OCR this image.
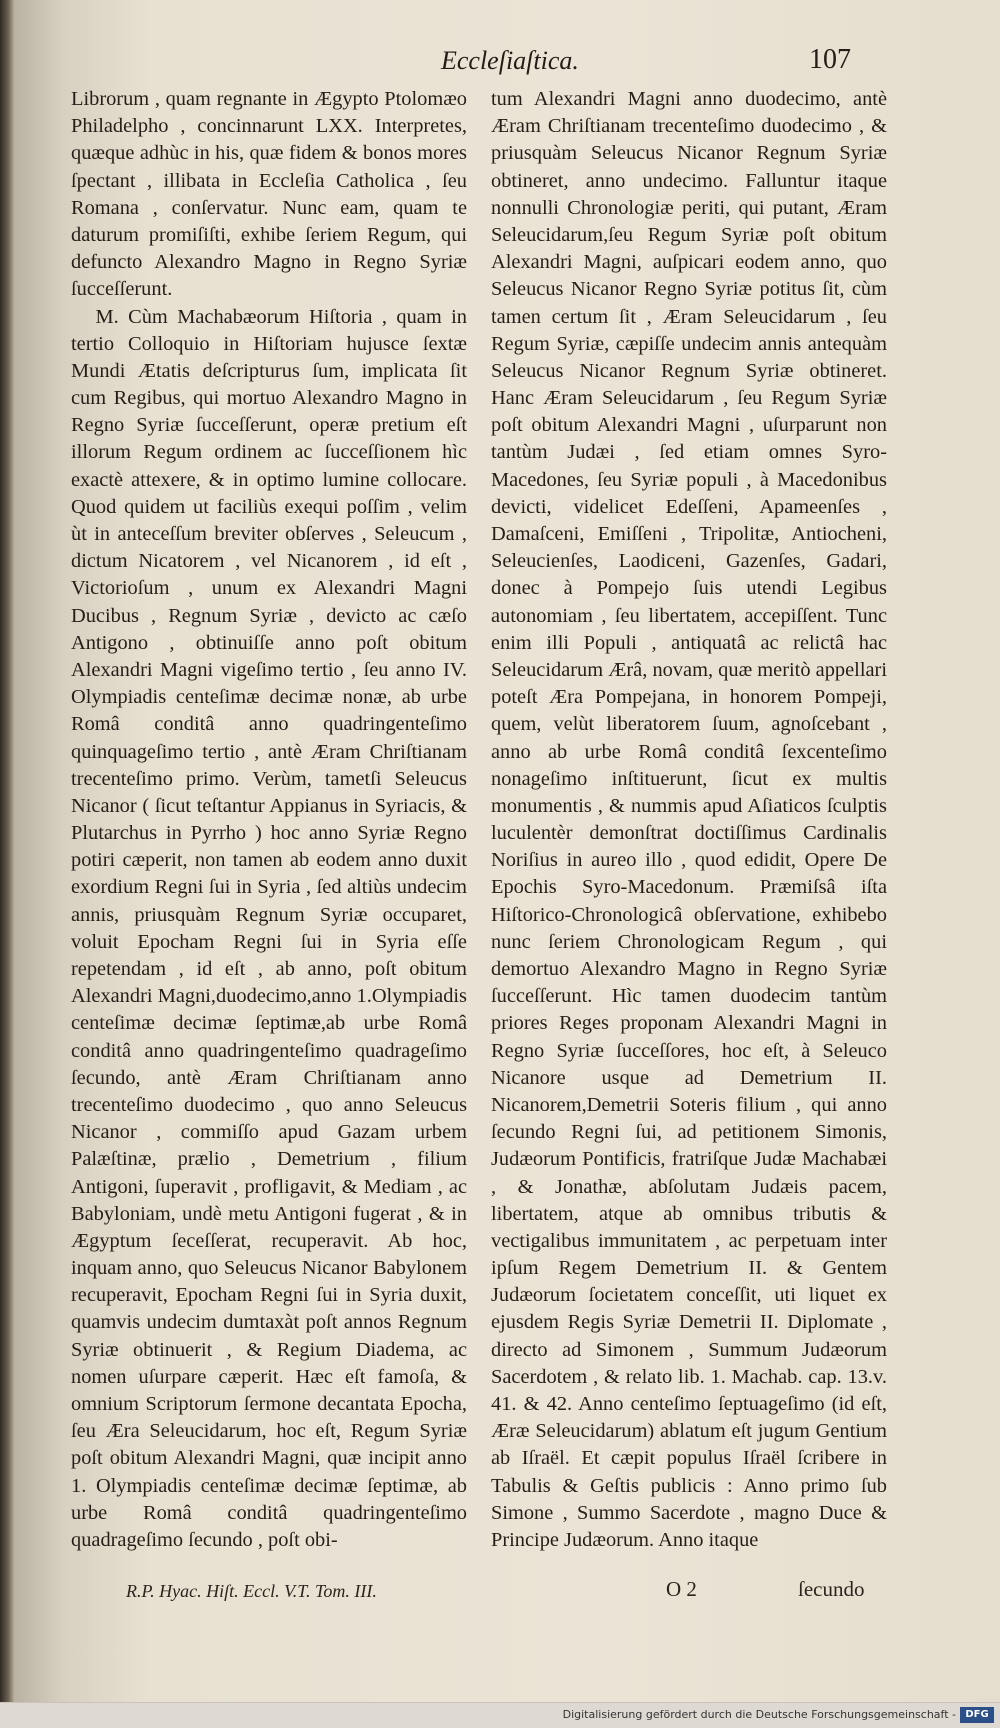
Eccleſiaſtica.	107

Librorum , quam regnante in Ægypto Ptolomæo Philadelpho , concinnarunt LXX. Interpretes, quæque adhùc in his, quæ fidem & bonos mores ſpectant , illibata in Eccleſia Catholica , ſeu Romana , conſervatur. Nunc eam, quam te daturum promiſiſti, exhibe ſeriem Regum, qui defuncto Alexandro Magno in Regno Syriæ ſucceſſerunt.

M. Cùm Machabæorum Hiſtoria , quam in tertio Colloquio in Hiſtoriam hujusce ſextæ Mundi Ætatis deſcripturus ſum, implicata ſit cum Regibus, qui mortuo Alexandro Magno in Regno Syriæ ſucceſſerunt, operæ pretium eſt illorum Regum ordinem ac ſucceſſionem hìc exactè attexere, & in optimo lumine collocare. Quod quidem ut faciliùs exequi poſſim , velim ùt in anteceſſum breviter obſerves , Seleucum , dictum Nicatorem , vel Nicanorem , id eſt , Victorioſum , unum ex Alexandri Magni Ducibus , Regnum Syriæ , devicto ac cæſo Antigono , obtinuiſſe anno poſt obitum Alexandri Magni vigeſimo tertio , ſeu anno IV. Olympiadis centeſimæ decimæ nonæ, ab urbe Româ conditâ anno quadringenteſimo quinquageſimo tertio , antè Æram Chriſtianam trecenteſimo primo. Verùm, tametſi Seleucus Nicanor ( ſicut teſtantur Appianus in Syriacis, & Plutarchus in Pyrrho ) hoc anno Syriæ Regno potiri cæperit, non tamen ab eodem anno duxit exordium Regni ſui in Syria , ſed altiùs undecim annis, priusquàm Regnum Syriæ occuparet, voluit Epocham Regni ſui in Syria eſſe repetendam , id eſt , ab anno, poſt obitum Alexandri Magni,duodecimo,anno 1.Olympiadis centeſimæ decimæ ſeptimæ,ab urbe Româ conditâ anno quadringenteſimo quadrageſimo ſecundo, antè Æram Chriſtianam anno trecenteſimo duodecimo , quo anno Seleucus Nicanor , commiſſo apud Gazam urbem Palæſtinæ, prælio , Demetrium , filium Antigoni, ſuperavit , profligavit, & Mediam , ac Babyloniam, undè metu Antigoni fugerat , & in Ægyptum ſeceſſerat, recuperavit. Ab hoc, inquam anno, quo Seleucus Nicanor Babylonem recuperavit, Epocham Regni ſui in Syria duxit, quamvis undecim dumtaxàt poſt annos Regnum Syriæ obtinuerit , & Regium Diadema, ac nomen uſurpare cæperit. Hæc eſt famoſa, & omnium Scriptorum ſermone decantata Epocha, ſeu Æra Seleucidarum, hoc eſt, Regum Syriæ poſt obitum Alexandri Magni, quæ incipit anno 1. Olympiadis centeſimæ decimæ ſeptimæ, ab urbe Româ conditâ quadringenteſimo quadrageſimo ſecundo , poſt obi-

tum Alexandri Magni anno duodecimo, antè Æram Chriſtianam trecenteſimo duodecimo , & priusquàm Seleucus Nicanor Regnum Syriæ obtineret, anno undecimo. Falluntur itaque nonnulli Chronologiæ periti, qui putant, Æram Seleucidarum,ſeu Regum Syriæ poſt obitum Alexandri Magni, auſpicari eodem anno, quo Seleucus Nicanor Regno Syriæ potitus ſit, cùm tamen certum ſit , Æram Seleucidarum , ſeu Regum Syriæ, cæpiſſe undecim annis antequàm Seleucus Nicanor Regnum Syriæ obtineret. Hanc Æram Seleucidarum , ſeu Regum Syriæ poſt obitum Alexandri Magni , uſurparunt non tantùm Judæi , ſed etiam omnes Syro-Macedones, ſeu Syriæ populi , à Macedonibus devicti, videlicet Edeſſeni, Apameenſes , Damaſceni, Emiſſeni , Tripolitæ, Antiocheni, Seleucienſes, Laodiceni, Gazenſes, Gadari, donec à Pompejo ſuis utendi Legibus autonomiam , ſeu libertatem, accepiſſent. Tunc enim illi Populi , antiquatâ ac relictâ hac Seleucidarum Ærâ, novam, quæ meritò appellari poteſt Æra Pompejana, in honorem Pompeji, quem, velùt liberatorem ſuum, agnoſcebant , anno ab urbe Româ conditâ ſexcenteſimo nonageſimo inſtituerunt, ſicut ex multis monumentis , & nummis apud Aſiaticos ſculptis luculentèr demonſtrat doctiſſimus Cardinalis Noriſius in aureo illo , quod edidit, Opere De Epochis Syro-Macedonum. Præmiſsâ iſta Hiſtorico-Chronologicâ obſervatione, exhibebo nunc ſeriem Chronologicam Regum , qui demortuo Alexandro Magno in Regno Syriæ ſucceſſerunt. Hìc tamen duodecim tantùm priores Reges proponam Alexandri Magni in Regno Syriæ ſucceſſores, hoc eſt, à Seleuco Nicanore usque ad Demetrium II. Nicanorem,Demetrii Soteris filium , qui anno ſecundo Regni ſui, ad petitionem Simonis, Judæorum Pontificis, fratriſque Judæ Machabæi , & Jonathæ, abſolutam Judæis pacem, libertatem, atque ab omnibus tributis & vectigalibus immunitatem , ac perpetuam inter ipſum Regem Demetrium II. & Gentem Judæorum ſocietatem conceſſit, uti liquet ex ejusdem Regis Syriæ Demetrii II. Diplomate , directo ad Simonem , Summum Judæorum Sacerdotem , & relato lib. 1. Machab. cap. 13.v. 41. & 42. Anno centeſimo ſeptuageſimo (id eſt, Æræ Seleucidarum) ablatum eſt jugum Gentium ab Iſraël. Et cæpit populus Iſraël ſcribere in Tabulis & Geſtis publicis : Anno primo ſub Simone , Summo Sacerdote , magno Duce & Principe Judæorum. Anno itaque

R.P. Hyac. Hiſt. Eccl. V.T. Tom. III.	O 2	ſecundo
Digitalisierung gefördert durch die Deutsche Forschungsgemeinschaft - DFG
